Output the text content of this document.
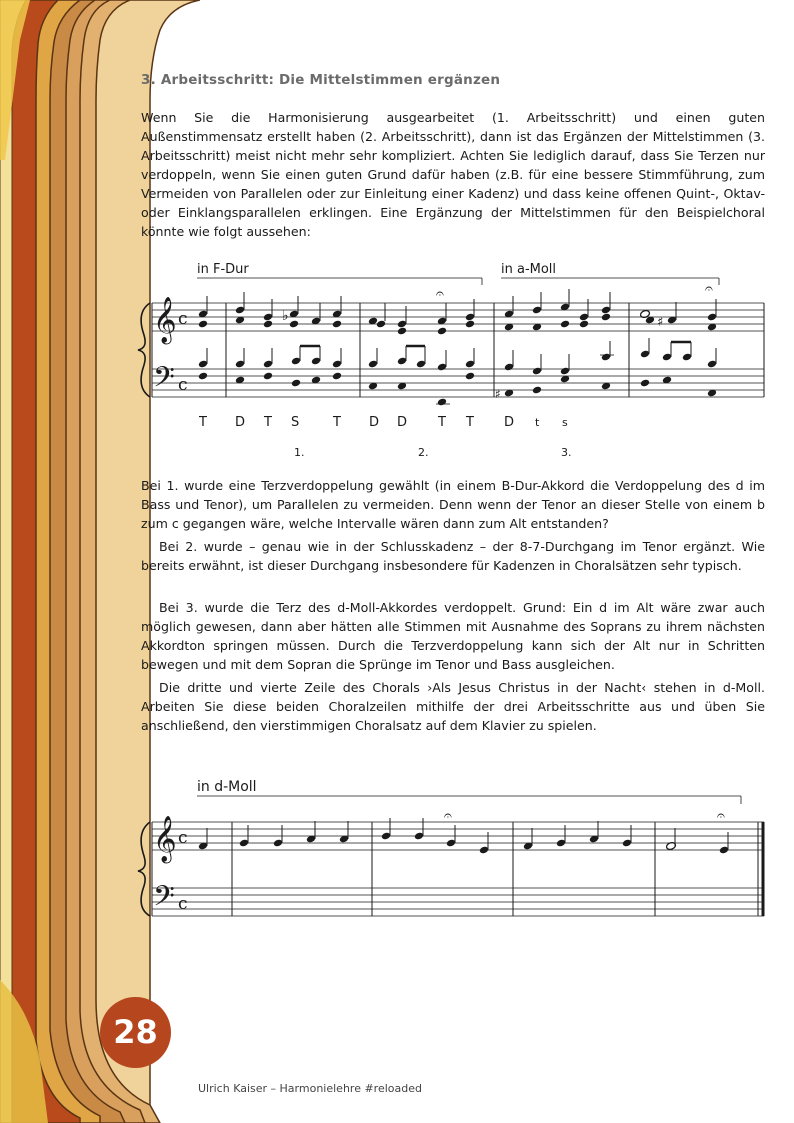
3. Arbeitsschritt: Die Mittelstimmen ergänzen

Wenn Sie die Harmonisierung ausgearbeitet (1. Arbeitsschritt) und einen guten Außenstimmensatz erstellt haben (2. Arbeitsschritt), dann ist das Ergänzen der Mittelstimmen (3. Arbeitsschritt) meist nicht mehr sehr kompliziert. Achten Sie lediglich darauf, dass Sie Terzen nur verdoppeln, wenn Sie einen guten Grund dafür haben (z.B. für eine bessere Stimmführung, zum Vermeiden von Parallelen oder zur Einleitung einer Kadenz) und dass keine offenen Quint-, Oktav- oder Einklangsparallelen erklingen. Eine Ergänzung der Mittelstimmen für den Beispielchoral könnte wie folgt aussehen:

in F-Dur	in a-Moll
𝄞
𝄢
c
c
♭	♯
𝄐	𝄐
♯
T D T S	T D D T T D t s
1.	2.	3.
in d-Moll
𝄞
𝄢
c
c
𝄐	𝄐

Bei 1. wurde eine Terzverdoppelung gewählt (in einem B-Dur-Akkord die Verdoppelung des d im Bass und Tenor), um Parallelen zu vermeiden. Denn wenn der Tenor an dieser Stelle von einem b zum c gegangen wäre, welche Intervalle wären dann zum Alt entstanden?

Bei 2. wurde – genau wie in der Schlusskadenz – der 8-7-Durchgang im Tenor ergänzt. Wie bereits erwähnt, ist dieser Durchgang insbesondere für Kadenzen in Choralsätzen sehr typisch.

Bei 3. wurde die Terz des d-Moll-Akkordes verdoppelt. Grund: Ein d im Alt wäre zwar auch möglich gewesen, dann aber hätten alle Stimmen mit Ausnahme des Soprans zu ihrem nächsten Akkordton springen müssen. Durch die Terzverdoppelung kann sich der Alt nur in Schritten bewegen und mit dem Sopran die Sprünge im Tenor und Bass ausgleichen.

Die dritte und vierte Zeile des Chorals ›Als Jesus Christus in der Nacht‹ stehen in d-Moll. Arbeiten Sie diese beiden Choralzeilen mithilfe der drei Arbeitsschritte aus und üben Sie anschließend, den vierstimmigen Choralsatz auf dem Klavier zu spielen.

28
Ulrich Kaiser – Harmonielehre #reloaded
